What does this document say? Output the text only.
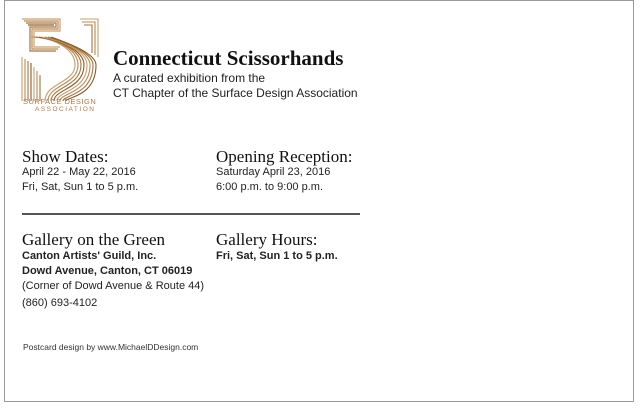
SURFACE DESIGN
ASSOCIATION
Connecticut Scissorhands
A curated exhibition from the
CT Chapter of the Surface Design Association
Show Dates:
April 22 - May 22, 2016
Fri, Sat, Sun 1 to 5 p.m.
Opening Reception:
Saturday April 23, 2016
6:00 p.m. to 9:00 p.m.
Gallery on the Green
Canton Artists' Guild, Inc.
Dowd Avenue, Canton, CT 06019
(Corner of Dowd Avenue & Route 44)
(860) 693-4102
Gallery Hours:
Fri, Sat, Sun 1 to 5 p.m.
Postcard design by www.MichaelDDesign.com
